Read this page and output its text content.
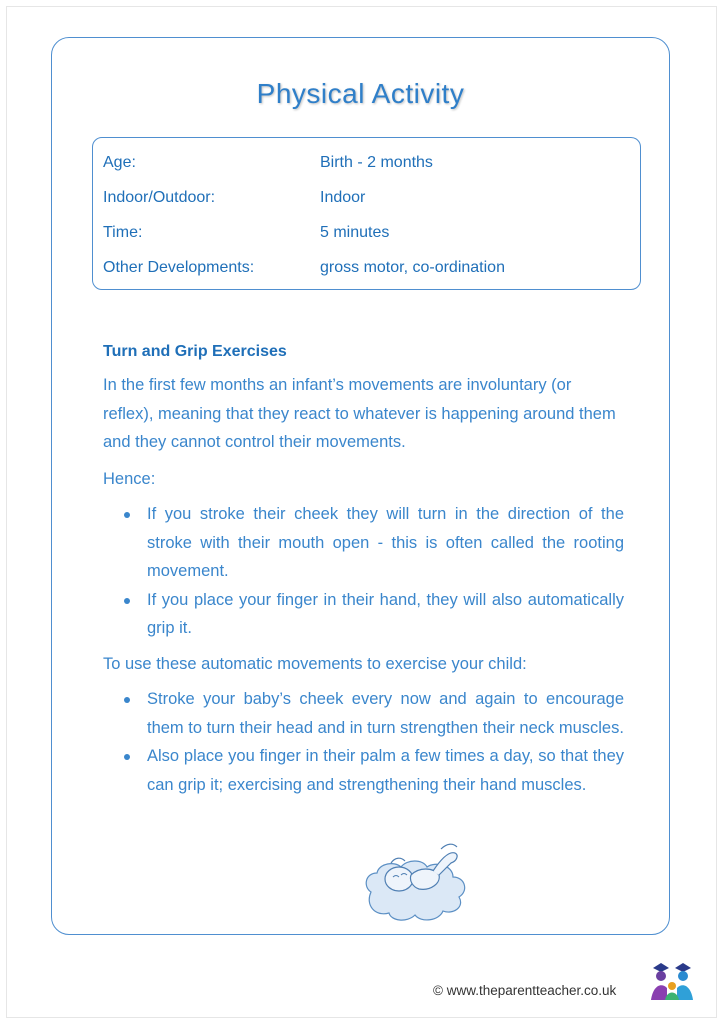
Physical Activity
Age:	Birth - 2 months
Indoor/Outdoor:	Indoor
Time:	5 minutes
Other Developments:	gross motor, co-ordination
Turn and Grip Exercises

In the first few months an infant’s movements are involuntary (or reflex), meaning that they react to whatever is happening around them and they cannot control their movements.

Hence:

If you stroke their cheek they will turn in the direction of the stroke with their mouth open - this is often called the rooting movement.
If you place your finger in their hand, they will also automatically grip it.

To use these automatic movements to exercise your child:

Stroke your baby’s cheek every now and again to encourage them to turn their head and in turn strengthen their neck muscles.
Also place you finger in their palm a few times a day, so that they can grip it; exercising and strengthening their hand muscles.
© www.theparentteacher.co.uk
